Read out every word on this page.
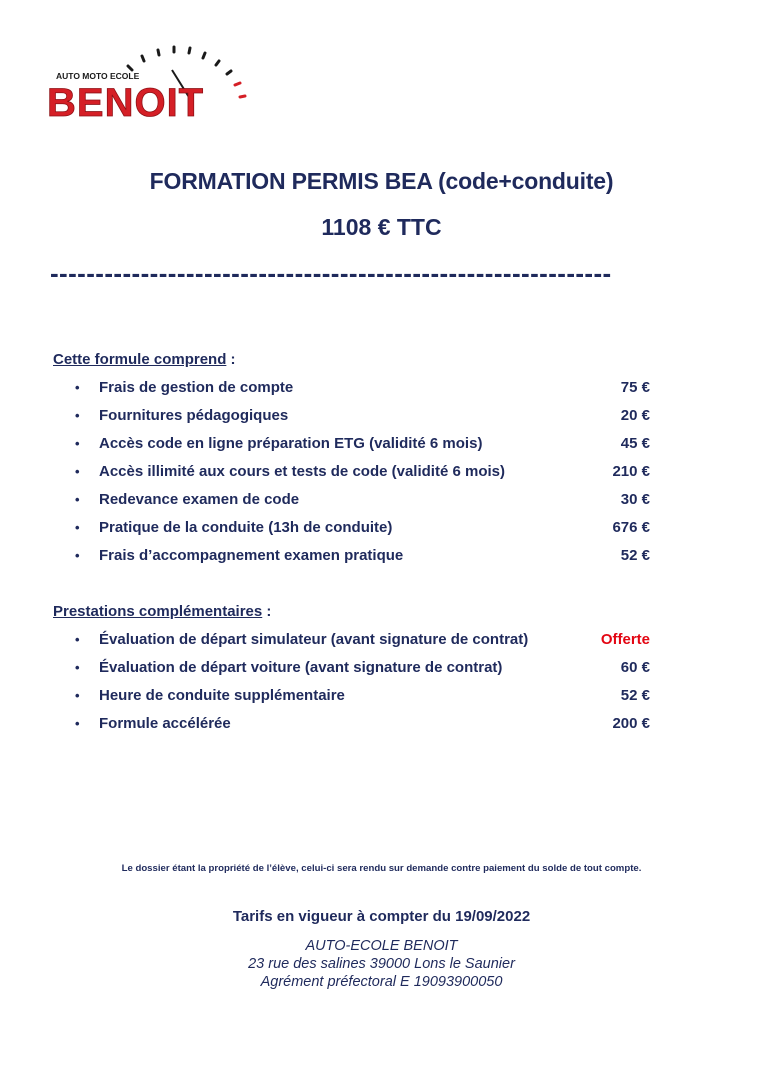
AUTO MOTO ECOLE
BENOIT
FORMATION PERMIS BEA (code+conduite)
1108 € TTC
--------------------------------------------------------------
Cette formule comprend :
• Frais de gestion de compte	75 €
• Fournitures pédagogiques	20 €
• Accès code en ligne préparation ETG (validité 6 mois)	45 €
• Accès illimité aux cours et tests de code (validité 6 mois)	210 €
• Redevance examen de code	30 €
• Pratique de la conduite (13h de conduite)	676 €
• Frais d’accompagnement examen pratique	52 €
Prestations complémentaires :
• Évaluation de départ simulateur (avant signature de contrat)	Offerte
• Évaluation de départ voiture (avant signature de contrat)	60 €
• Heure de conduite supplémentaire	52 €
• Formule accélérée	200 €
Le dossier étant la propriété de l’élève, celui-ci sera rendu sur demande contre paiement du solde de tout compte.
Tarifs en vigueur à compter du 19/09/2022
AUTO-ECOLE BENOIT
23 rue des salines 39000 Lons le Saunier
Agrément préfectoral E 19093900050
